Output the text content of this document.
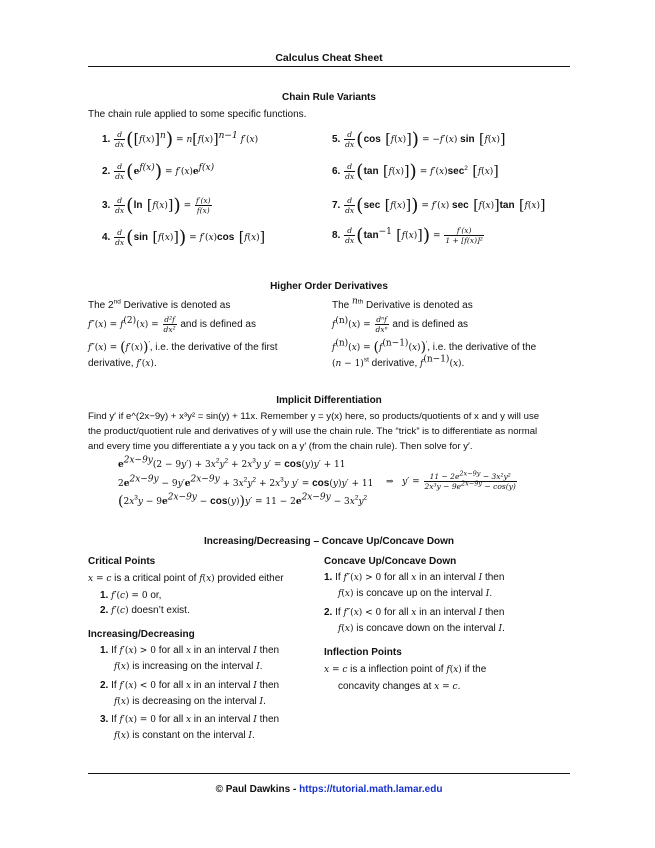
Calculus Cheat Sheet
Chain Rule Variants
The chain rule applied to some specific functions.
1. $\frac{d}{dx} ([f(x)]^n) = n[f(x)]^{n-1}$ f′(x)
2. $\frac{d}{dx} (e^{f(x)}) = f'(x)e^{f(x)}$
3. $\frac{d}{dx} (\ln$ $[f(x)]) = \frac{f'(x)}{f(x)}$
4. $\frac{d}{dx} (\sin$ [f(x)]) = f′(x)cos [f(x)]
5. $\frac{d}{dx} (\cos$ [f(x)]) = −f′(x) sin [f(x)]
6. $\frac{d}{dx} (\tan$ $[f(x)]) = f'(x)\sec^2$ [f(x)]
7. $\frac{d}{dx} (\sec$ [f(x)]) = f′(x) sec [f(x)]tan [f(x)]
8. $\frac{d}{dx} (\tan^{-1}$ $[f(x)]) = \frac{f'(x)}{\text{1 + [f(x)]²}}$
Higher Order Derivatives
The 2nd Derivative is denoted as
$f''(x) = f^{(2)}(x) = \frac{\text{d²f}}{\text{dx²}}$ and is defined as
f″(x) = (f′(x))′, i.e. the derivative of the first
derivative, f′(x).
The $^{nth}$ Derivative is denoted as
$f^{(n)}(x) = \frac{\text{dⁿf}}{\text{dxⁿ}}$ and is defined as
$f^{(n)}(x) = (f^{(n-1)}(x))'$, i.e. the derivative of the
$(n - 1)^{st}$ derivative, $f^{(n-1)}(x)$.
Implicit Differentiation
Find y′ if e^(2x−9y) + x³y² = sin(y) + 11x. Remember y = y(x) here, so products/quotients of x and y will use
the product/quotient rule and derivatives of y will use the chain rule. The “trick” is to differentiate as normal
and every time you differentiate a y you tack on a y′ (from the chain rule). Then solve for y′.
$e^{2x-9y}(2 - 9y') + 3x^2y^2 + 2x^3y$ y′ = cos(y)y′ + 11
$2e^{2x-9y} - 9y'e^{2x-9y} + 3x^2y^2 + 2x^3y$ y′ = cos(y)y′ + 11
$(2x^3y - 9e^{2x-9y} - \cos(y))y' = 11 - 2e^{2x-9y} - 3x^2y^2$
⇒   $y' = \frac{11 - 2e^{2x-9y} - 3x^2y^2}{2x^3y - 9e^{2x-9y} - \cos(y)}$
Increasing/Decreasing – Concave Up/Concave Down
Critical Points
x = c is a critical point of f(x) provided either
1. f′(c) = 0 or,
2. f′(c) doesn’t exist.
Increasing/Decreasing
1. If f′(x) > 0 for all x in an interval I then
f(x) is increasing on the interval I.
2. If f′(x) < 0 for all x in an interval I then
f(x) is decreasing on the interval I.
3. If f′(x) = 0 for all x in an interval I then
f(x) is constant on the interval I.
Concave Up/Concave Down
1. If f″(x) > 0 for all x in an interval I then
f(x) is concave up on the interval I.
2. If f″(x) < 0 for all x in an interval I then
f(x) is concave down on the interval I.
Inflection Points
x = c is a inflection point of f(x) if the
concavity changes at x = c.
© Paul Dawkins - https://tutorial.math.lamar.edu
